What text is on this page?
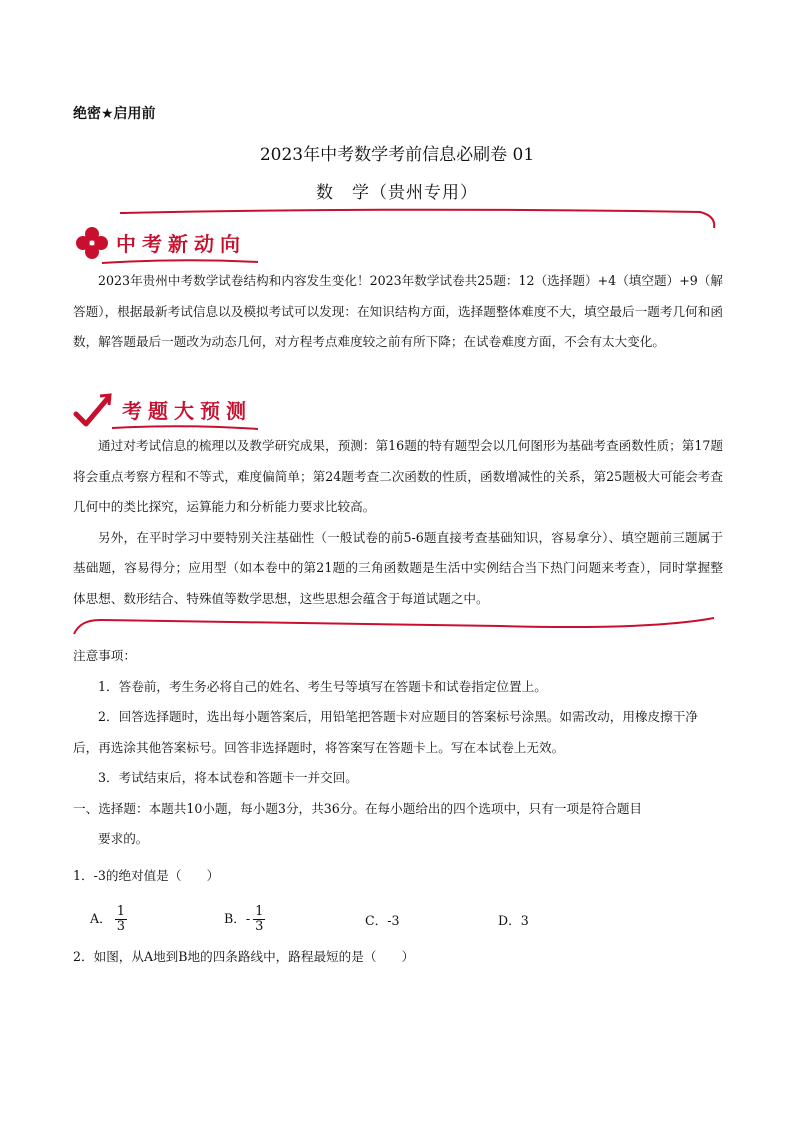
绝密★启用前
2023年中考数学考前信息必刷卷 01
数　学（贵州专用）
中考新动向

2023年贵州中考数学试卷结构和内容发生变化！2023年数学试卷共25题：12（选择题）+4（填空题）+9（解答题），根据最新考试信息以及模拟考试可以发现：在知识结构方面，选择题整体难度不大，填空最后一题考几何和函数，解答题最后一题改为动态几何，对方程考点难度较之前有所下降；在试卷难度方面，不会有太大变化。

考题大预测

通过对考试信息的梳理以及教学研究成果，预测：第16题的特有题型会以几何图形为基础考查函数性质；第17题将会重点考察方程和不等式，难度偏简单；第24题考查二次函数的性质，函数增减性的关系，第25题极大可能会考查几何中的类比探究，运算能力和分析能力要求比较高。

另外，在平时学习中要特别关注基础性（一般试卷的前5-6题直接考查基础知识，容易拿分）、填空题前三题属于基础题，容易得分；应用型（如本卷中的第21题的三角函数题是生活中实例结合当下热门问题来考查），同时掌握整体思想、数形结合、特殊值等数学思想，这些思想会蕴含于每道试题之中。

注意事项：
1．答卷前，考生务必将自己的姓名、考生号等填写在答题卡和试卷指定位置上。
2．回答选择题时，选出每小题答案后，用铅笔把答题卡对应题目的答案标号涂黑。如需改动，用橡皮擦干净后，再选涂其他答案标号。回答非选择题时，将答案写在答题卡上。写在本试卷上无效。
3．考试结束后，将本试卷和答题卡一并交回。
一、选择题：本题共10小题，每小题3分，共36分。在每小题给出的四个选项中，只有一项是符合题目
要求的。
1．-3的绝对值是（　　）
A． $\frac{1}{3}$	B．- $\frac{1}{3}$	C．-3	D．3
2．如图，从A地到B地的四条路线中，路程最短的是（　　）
